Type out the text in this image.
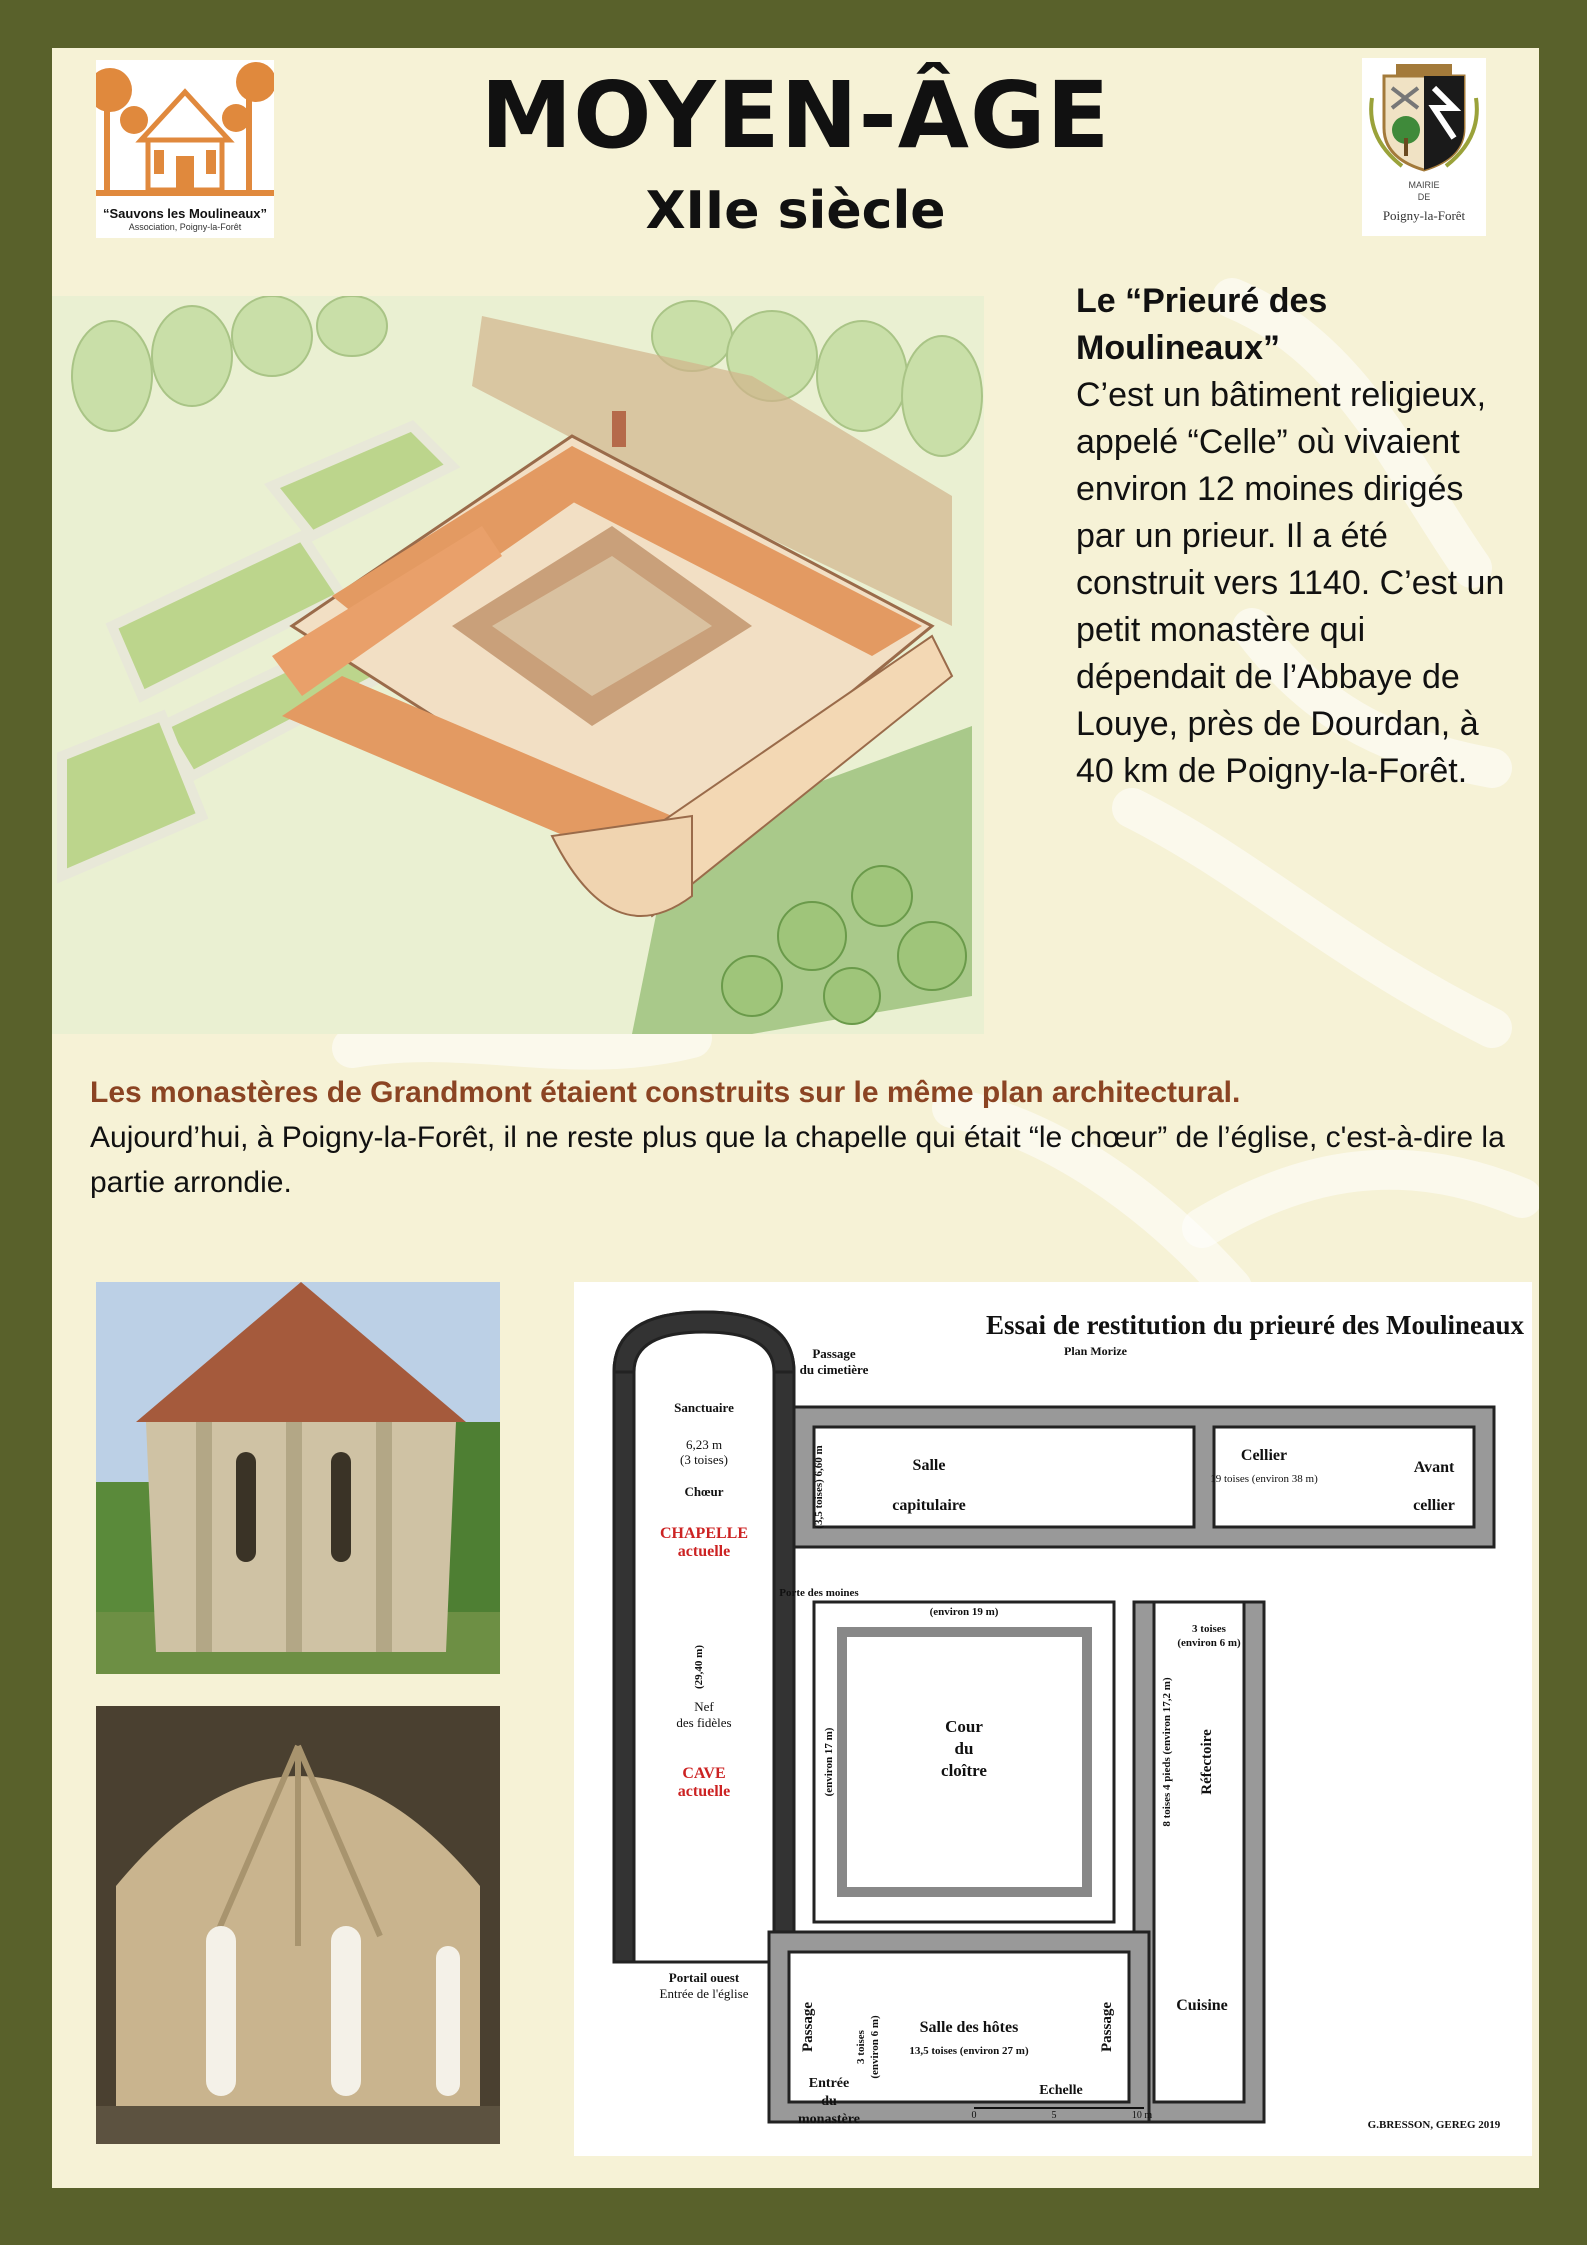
“Sauvons les Moulineaux”
Association, Poigny-la-Forêt
MOYEN-ÂGE
XIIe siècle	MAIRIE
DE
Poigny-la-Forêt
Le “Prieuré des Moulineaux”
C’est un bâtiment religieux, appelé “Celle” où vivaient environ 12 moines dirigés par un prieur. Il a été construit vers 1140. C’est un petit monastère qui dépendait de l’Abbaye de Louye, près de Dourdan, à 40 km de Poigny-la-Forêt.
Les monastères de Grandmont étaient construits sur le même plan architectural.
Aujourd’hui, à Poigny-la-Forêt, il ne reste plus que la chapelle qui était “le chœur” de l’église, c'est-à-dire la partie arrondie.
CHAPELLE
actuelle
CAVE
actuelle
Sanctuaire
6,23 m
(3 toises)
Chœur
Nef
des fidèles
Portail ouest
Entrée de l'église
Passage
du cimetière
Salle
capitulaire
Cellier
19 toises (environ 38 m)
Avant
cellier
Porte des moines
(environ 19 m)
Cour
du
cloître
3 toises
(environ 6 m)
Salle des hôtes
13,5 toises (environ 27 m)
Cuisine
Entrée
du
monastère
Echelle
0	5	10 m
G.BRESSON, GEREG 2019
(3,5 toises) 6,60 m
(29,40 m)
(environ 17 m)	8 toises 4 pieds (environ 17,2 m)
3 toises (environ 6 m)
Réfectoire
Passage	Passage
Essai de restitution du prieuré des Moulineaux
Plan Morize
